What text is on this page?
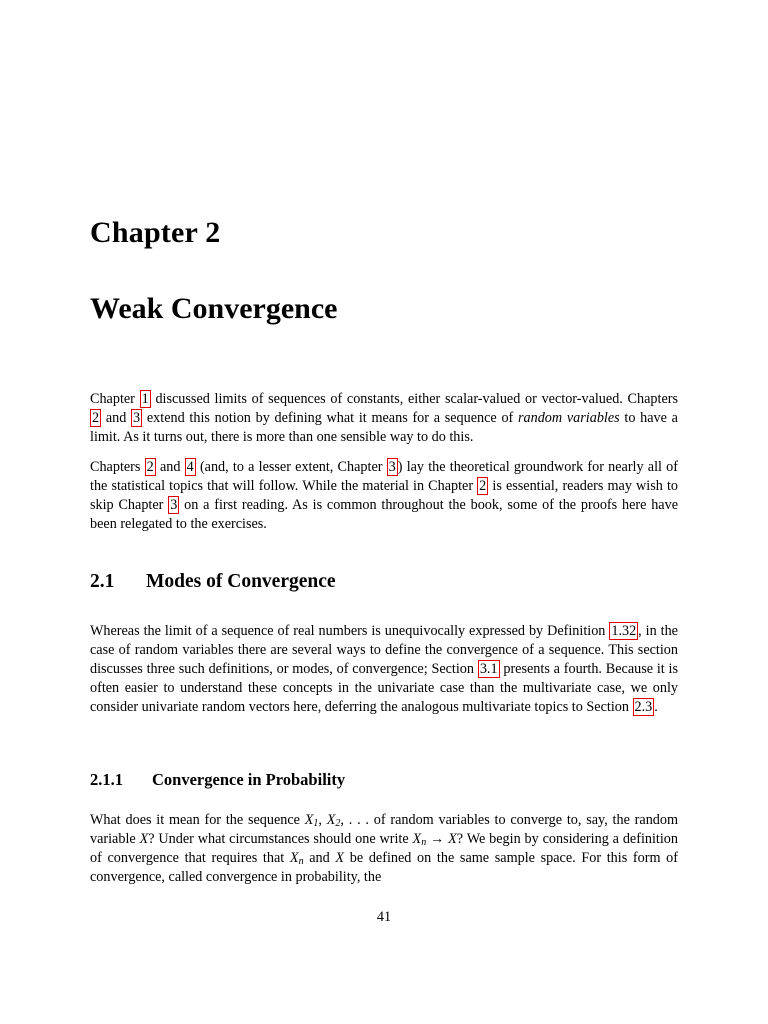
Chapter 2
Weak Convergence

Chapter 1 discussed limits of sequences of constants, either scalar-valued or vector-valued. Chapters 2 and 3 extend this notion by defining what it means for a sequence of random variables to have a limit. As it turns out, there is more than one sensible way to do this.

Chapters 2 and 4 (and, to a lesser extent, Chapter 3 ) lay the theoretical groundwork for nearly all of the statistical topics that will follow. While the material in Chapter 2 is essential, readers may wish to skip Chapter 3 on a first reading. As is common throughout the book, some of the proofs here have been relegated to the exercises.

2.1 Modes of Convergence

Whereas the limit of a sequence of real numbers is unequivocally expressed by Definition 1.32 , in the case of random variables there are several ways to define the convergence of a sequence. This section discusses three such definitions, or modes, of convergence; Section 3.1 presents a fourth. Because it is often easier to understand these concepts in the univariate case than the multivariate case, we only consider univariate random vectors here, deferring the analogous multivariate topics to Section 2.3 .

2.1.1 Convergence in Probability

What does it mean for the sequence $X_1$, $X_2$, . . . of random variables to converge to, say, the random variable X? Under what circumstances should one write $X_n \to X$? We begin by considering a definition of convergence that requires that $X_n$ and X be defined on the same sample space. For this form of convergence, called convergence in probability, the

41
